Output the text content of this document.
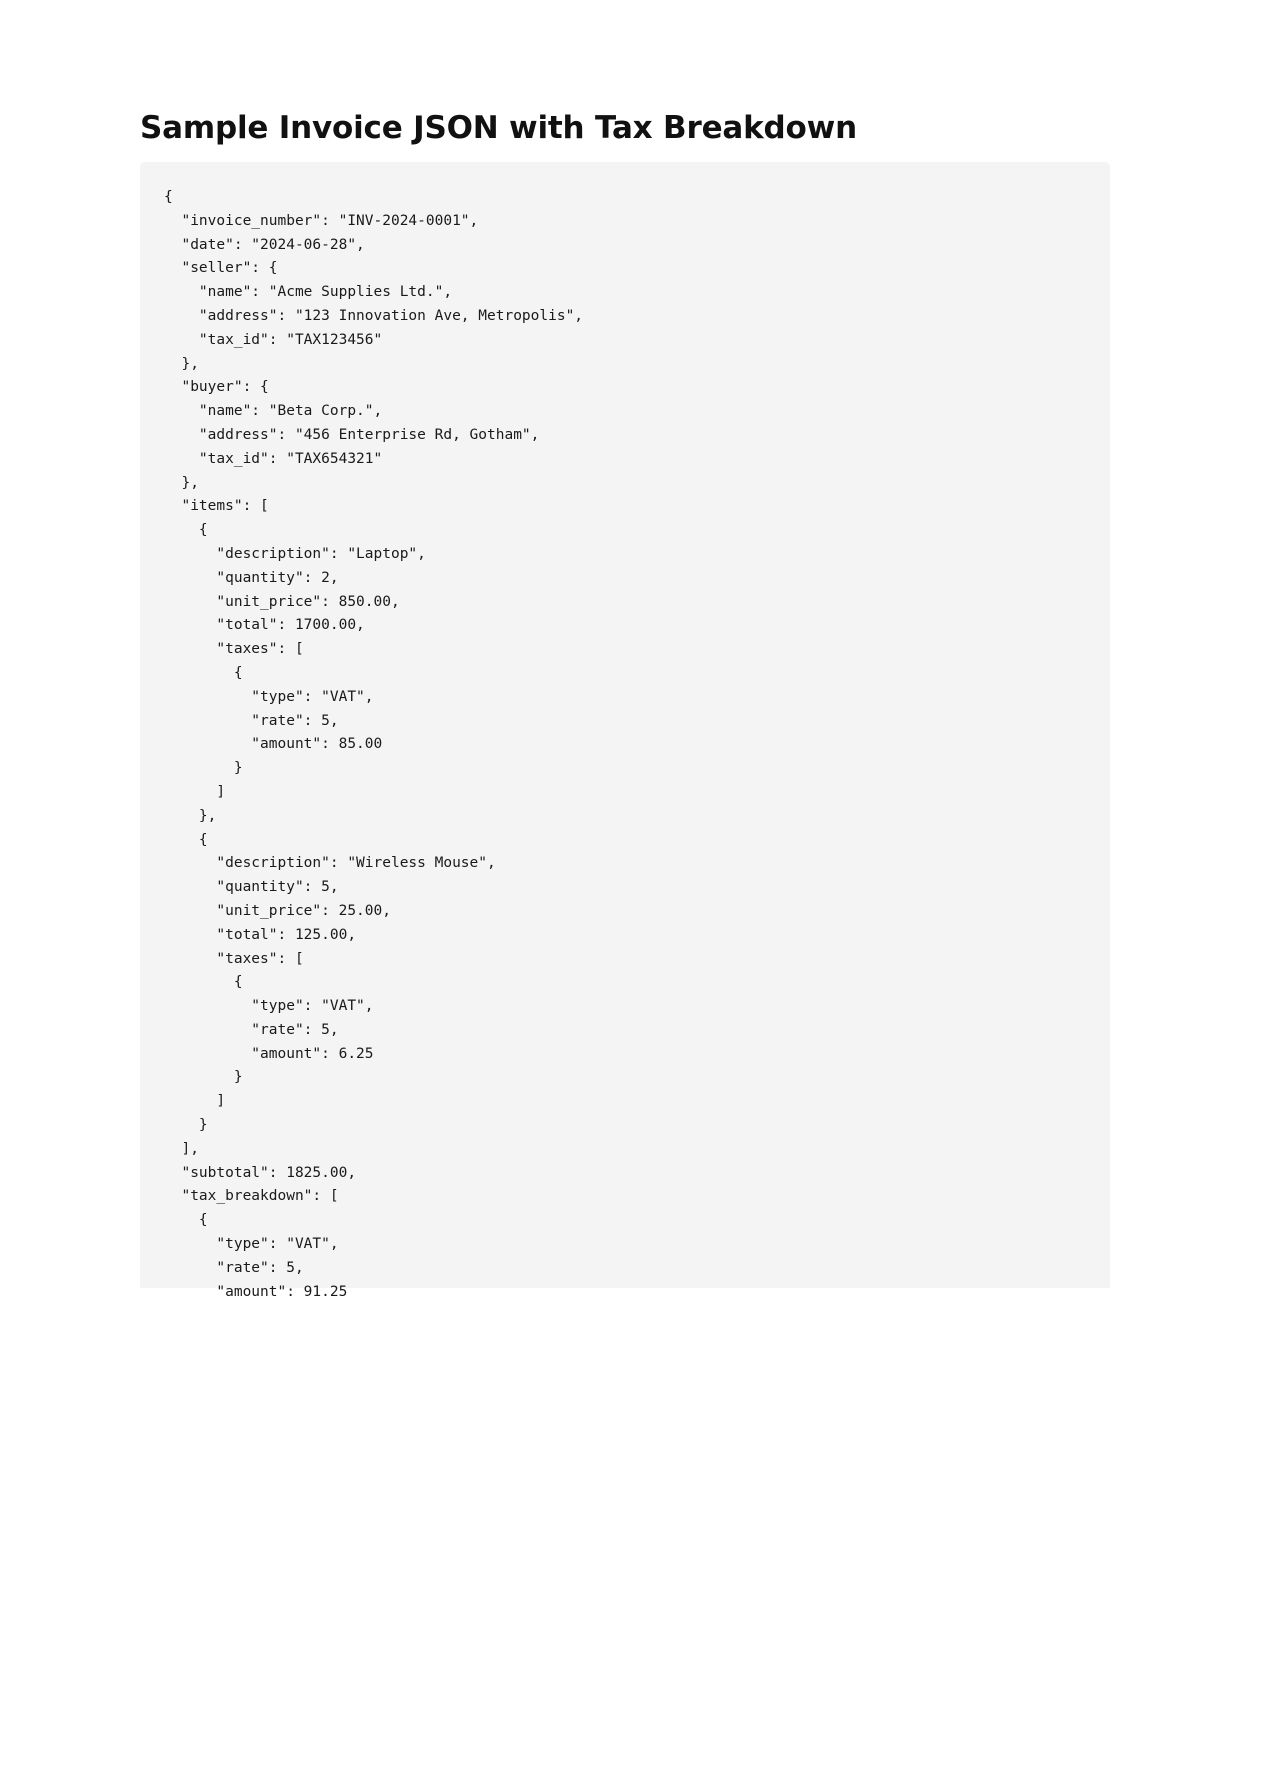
Sample Invoice JSON with Tax Breakdown
{
"invoice_number": "INV-2024-0001",
"date": "2024-06-28",
"seller": {
"name": "Acme Supplies Ltd.",
"address": "123 Innovation Ave, Metropolis",
"tax_id": "TAX123456"
},
"buyer": {
"name": "Beta Corp.",
"address": "456 Enterprise Rd, Gotham",
"tax_id": "TAX654321"
},
"items": [
{
"description": "Laptop",
"quantity": 2,
"unit_price": 850.00,
"total": 1700.00,
"taxes": [
{
"type": "VAT",
"rate": 5,
"amount": 85.00
}
]
},
{
"description": "Wireless Mouse",
"quantity": 5,
"unit_price": 25.00,
"total": 125.00,
"taxes": [
{
"type": "VAT",
"rate": 5,
"amount": 6.25
}
]
}
],
"subtotal": 1825.00,
"tax_breakdown": [
{
"type": "VAT",
"rate": 5,
"amount": 91.25
